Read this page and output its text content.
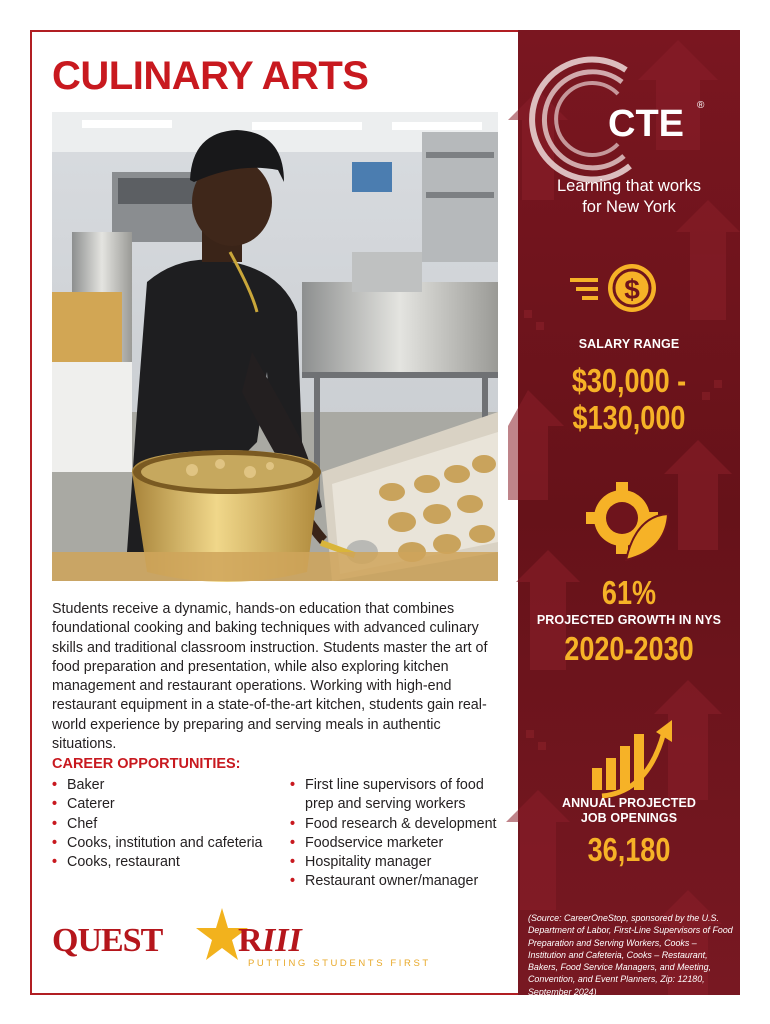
CULINARY ARTS

Students receive a dynamic, hands-on education that combines foundational cooking and baking techniques with advanced culinary skills and traditional classroom instruction. Students master the art of food preparation and presentation, while also exploring kitchen management and restaurant operations. Working with high-end restaurant equipment in a state-of-the-art kitchen, students gain real-world experience by preparing and serving meals in authentic situations.

CAREER OPPORTUNITIES:
• Baker
• Caterer
• Chef
• Cooks, institution and cafeteria
• Cooks, restaurant
• First line supervisors of food prep and serving workers
• Food research & development
• Foodservice marketer
• Hospitality manager
• Restaurant owner/manager
QUEST R III
PUTTING STUDENTS FIRST
CTE ®
$
Learning that works
for New York
SALARY RANGE
$30,000 -
$130,000
61%
PROJECTED GROWTH IN NYS
2020-2030
ANNUAL PROJECTED
JOB OPENINGS
36,180

(Source: CareerOneStop, sponsored by the U.S. Department of Labor, First-Line Supervisors of Food Preparation and Serving Workers, Cooks – Institution and Cafeteria, Cooks – Restaurant, Bakers, Food Service Managers, and Meeting, Convention, and Event Planners, Zip: 12180, September 2024)
